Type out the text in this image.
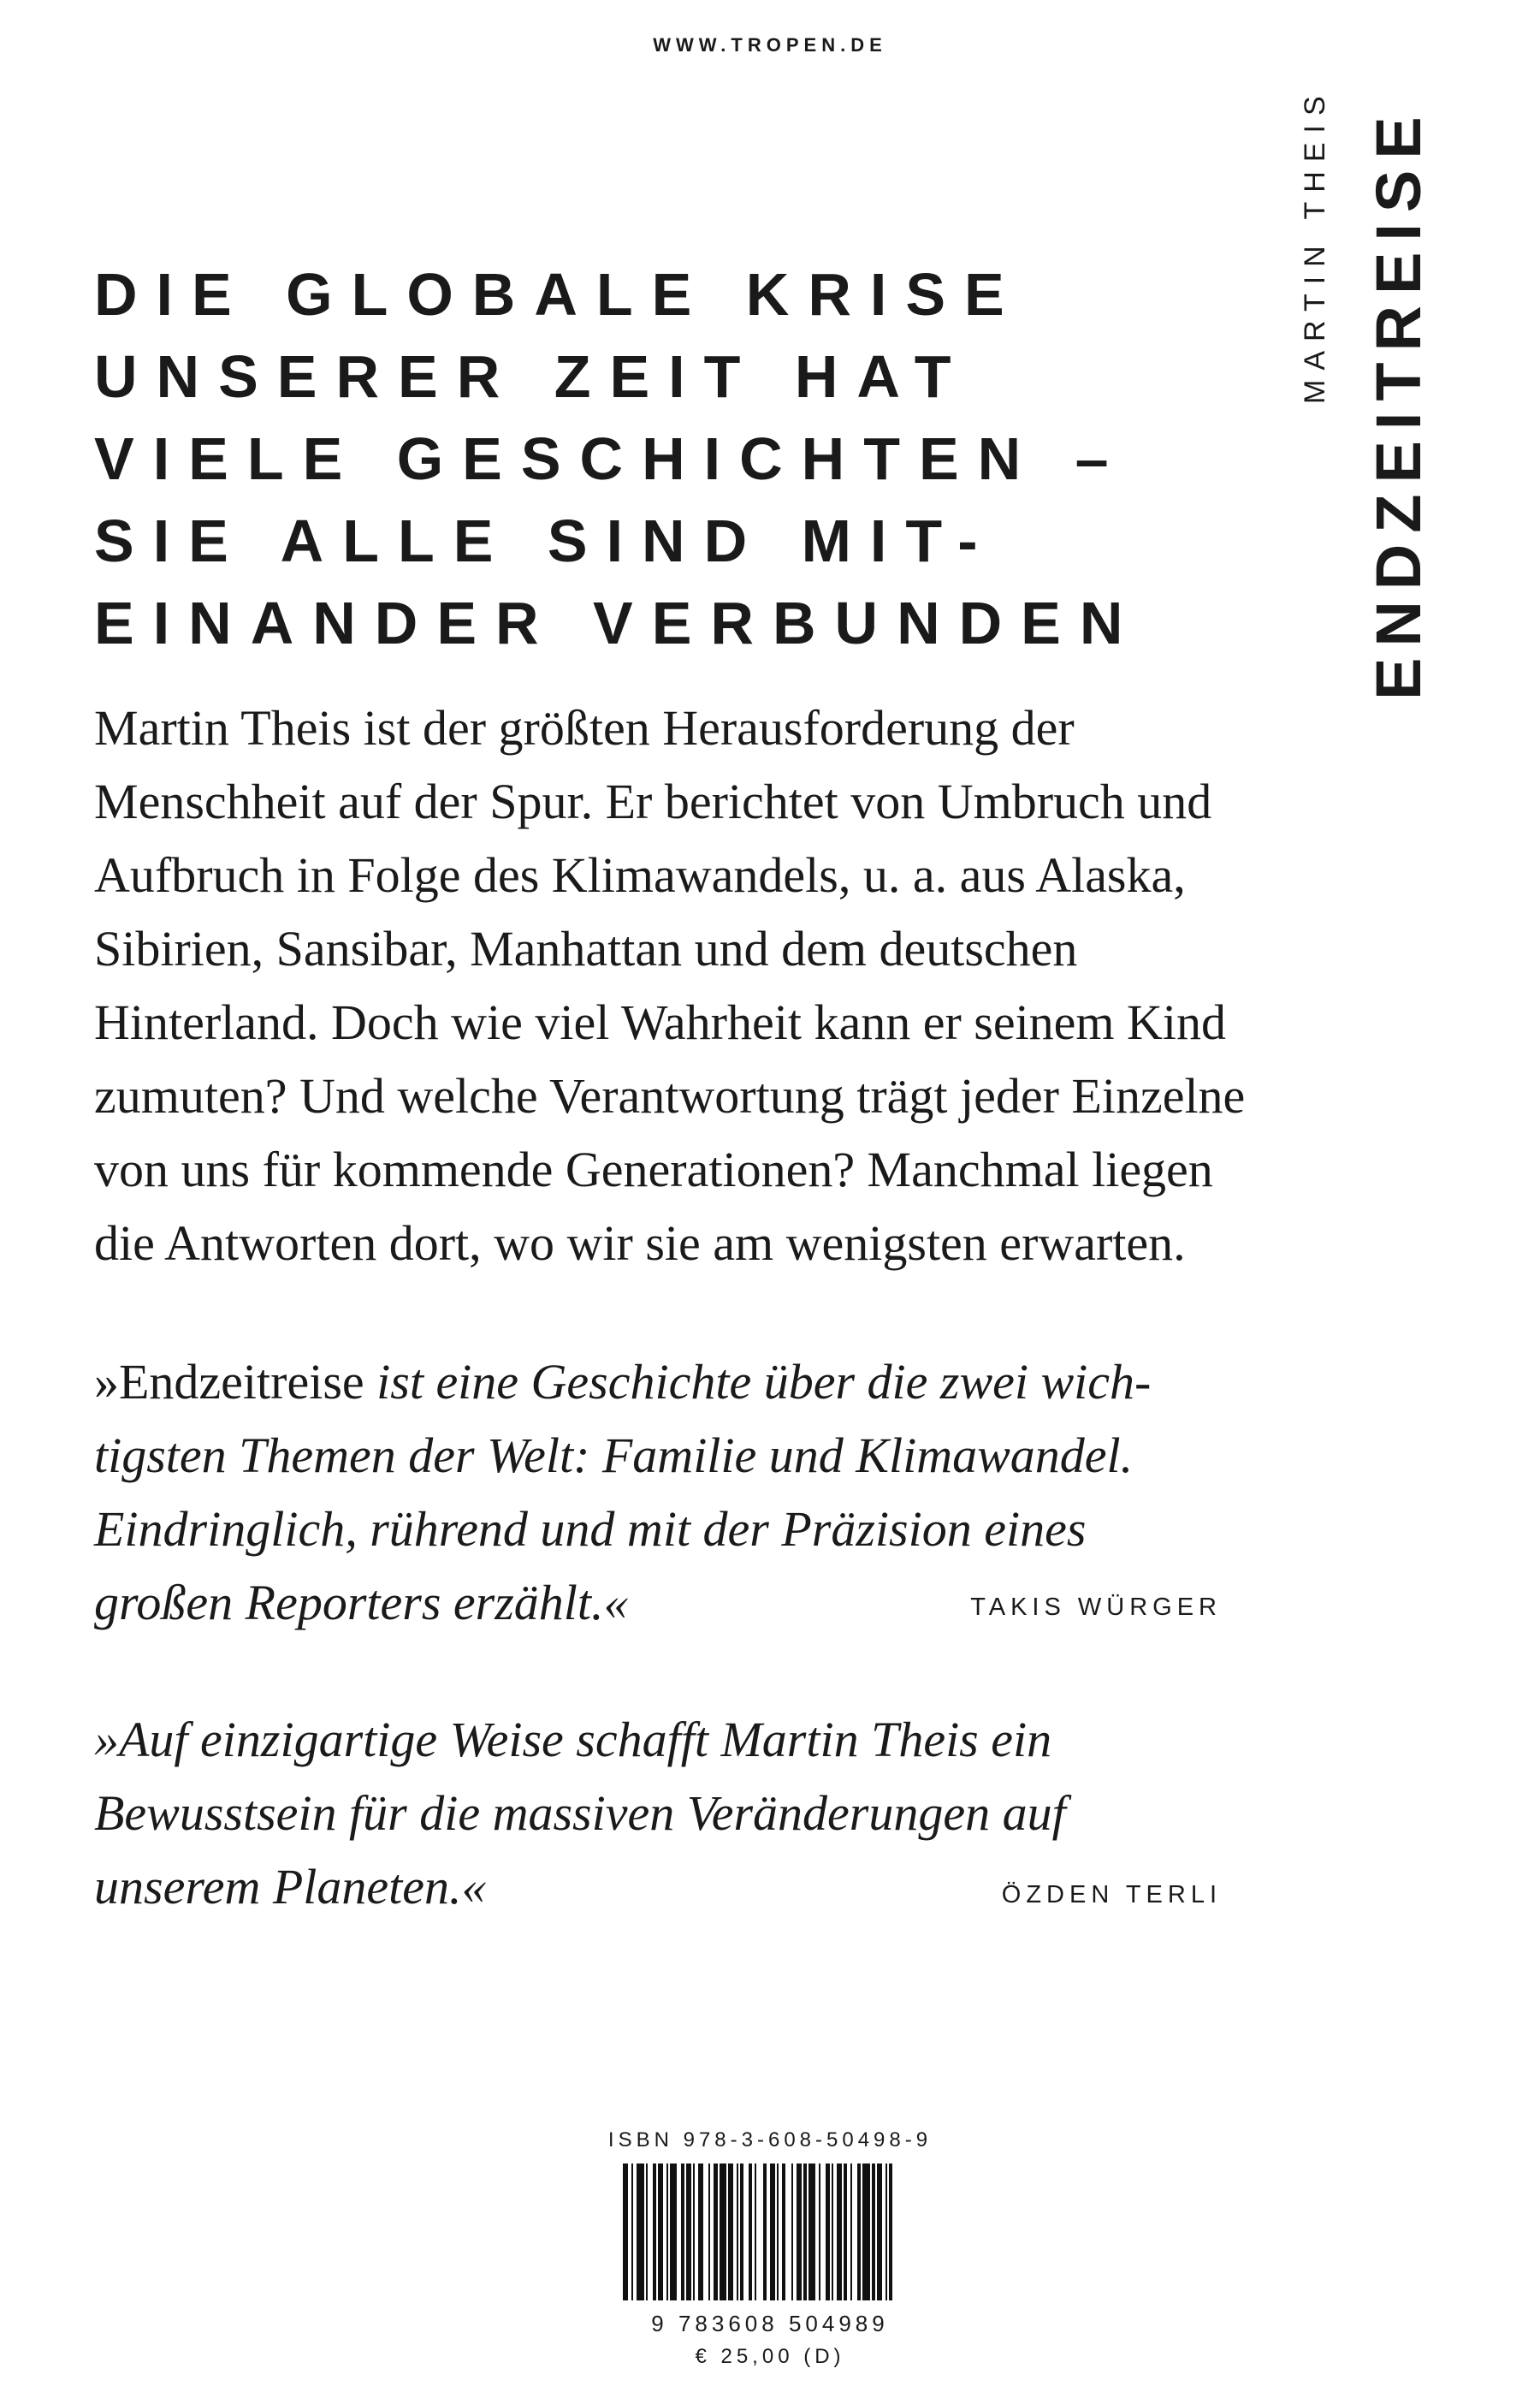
WWW.TROPEN.DE
MARTIN THEIS ENDZEITREISE
DIE GLOBALE KRISE
UNSERER ZEIT HAT
VIELE GESCHICHTEN –
SIE ALLE SIND MIT-
EINANDER VERBUNDEN
Martin Theis ist der größten Herausforderung der
Menschheit auf der Spur. Er berichtet von Umbruch und
Aufbruch in Folge des Klimawandels, u. a. aus Alaska,
Sibirien, Sansibar, Manhattan und dem deutschen
Hinterland. Doch wie viel Wahrheit kann er seinem Kind
zumuten? Und welche Verantwortung trägt jeder Einzelne
von uns für kommende Generationen? Manchmal liegen
die Antworten dort, wo wir sie am wenigsten erwarten.
»Endzeitreise ist eine Geschichte über die zwei wich-
tigsten Themen der Welt: Familie und Klimawandel.
Eindringlich, rührend und mit der Präzision eines
großen Reporters erzählt.«	TAKIS WÜRGER
»Auf einzigartige Weise schafft Martin Theis ein
Bewusstsein für die massiven Veränderungen auf
unserem Planeten.«	ÖZDEN TERLI
ISBN 978-3-608-50498-9
9 783608 504989
€ 25,00 (D)
